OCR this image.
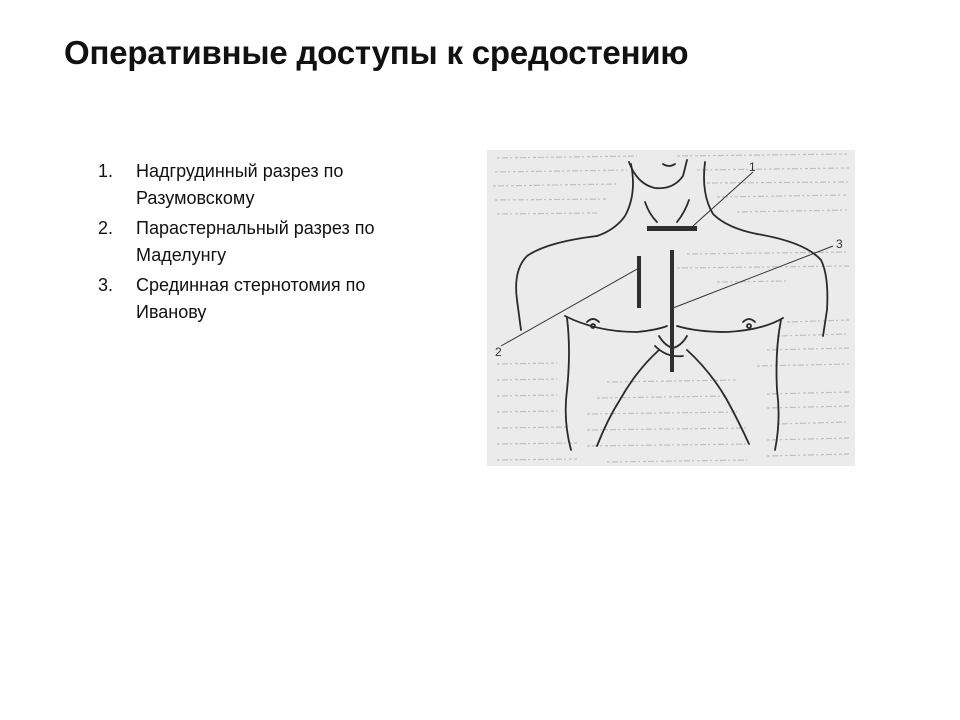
Оперативные доступы к средостению
1.	Надгрудинный разрез по Разумовскому
2.	Парастернальный разрез по Маделунгу
3.	Срединная стернотомия по Иванову
1
2
3
